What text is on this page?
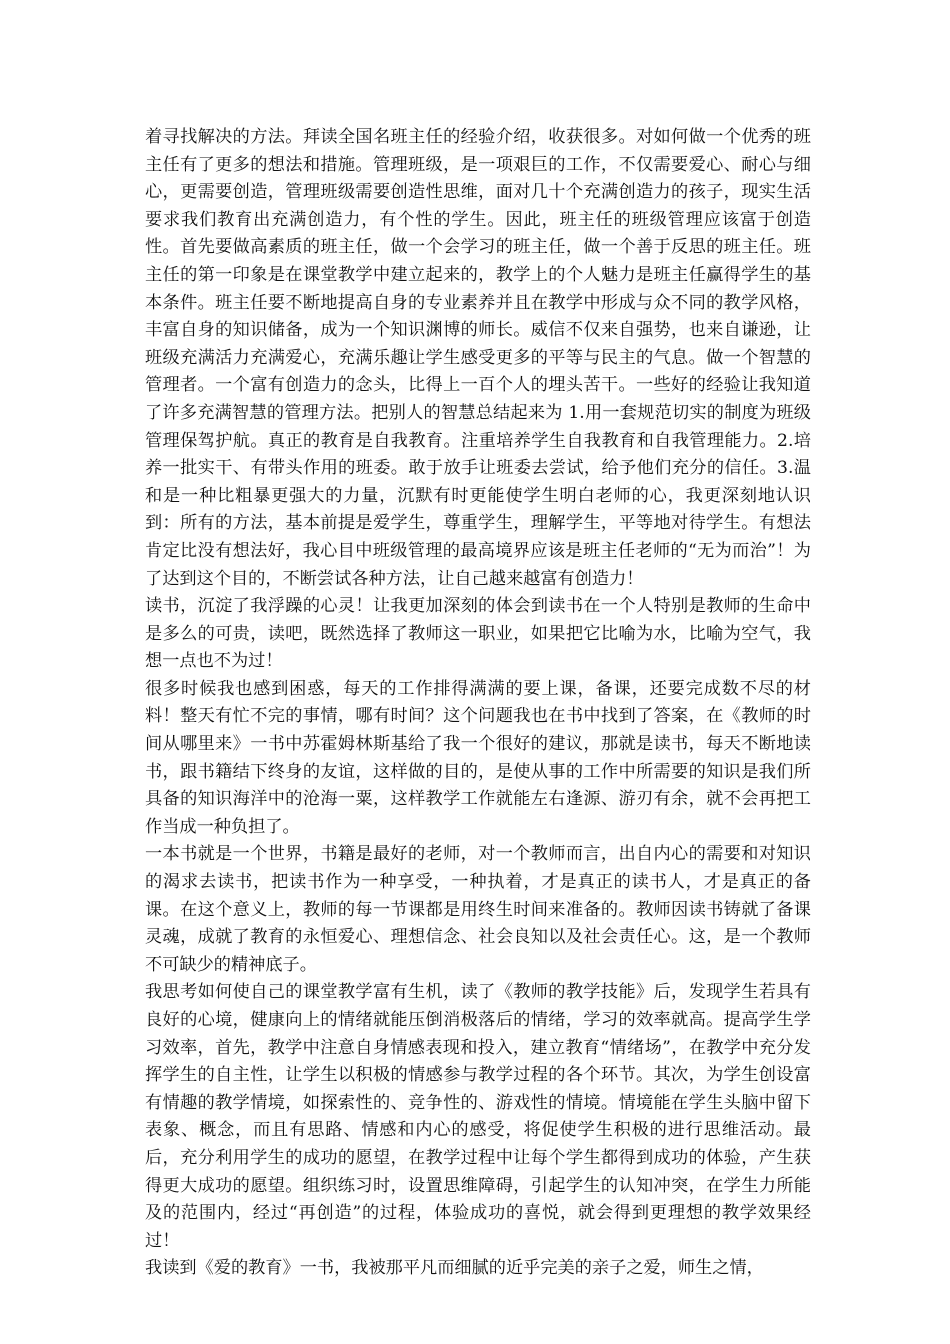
着寻找解决的方法。拜读全国名班主任的经验介绍，收获很多。对如何做一个优秀的班主任有了更多的想法和措施。管理班级，是一项艰巨的工作，不仅需要爱心、耐心与细心，更需要创造，管理班级需要创造性思维，面对几十个充满创造力的孩子，现实生活要求我们教育出充满创造力，有个性的学生。因此，班主任的班级管理应该富于创造性。首先要做高素质的班主任，做一个会学习的班主任，做一个善于反思的班主任。班主任的第一印象是在课堂教学中建立起来的，教学上的个人魅力是班主任赢得学生的基本条件。班主任要不断地提高自身的专业素养并且在教学中形成与众不同的教学风格，丰富自身的知识储备，成为一个知识渊博的师长。威信不仅来自强势，也来自谦逊，让班级充满活力充满爱心，充满乐趣让学生感受更多的平等与民主的气息。做一个智慧的管理者。一个富有创造力的念头，比得上一百个人的埋头苦干。一些好的经验让我知道了许多充满智慧的管理方法。把别人的智慧总结起来为 1.用一套规范切实的制度为班级管理保驾护航。真正的教育是自我教育。注重培养学生自我教育和自我管理能力。2.培养一批实干、有带头作用的班委。敢于放手让班委去尝试，给予他们充分的信任。3.温和是一种比粗暴更强大的力量，沉默有时更能使学生明白老师的心，我更深刻地认识到：所有的方法，基本前提是爱学生，尊重学生，理解学生，平等地对待学生。有想法肯定比没有想法好，我心目中班级管理的最高境界应该是班主任老师的“无为而治”！为了达到这个目的，不断尝试各种方法，让自己越来越富有创造力！

读书，沉淀了我浮躁的心灵！让我更加深刻的体会到读书在一个人特别是教师的生命中是多么的可贵，读吧，既然选择了教师这一职业，如果把它比喻为水，比喻为空气，我想一点也不为过！

很多时候我也感到困惑，每天的工作排得满满的要上课，备课，还要完成数不尽的材料！整天有忙不完的事情，哪有时间？这个问题我也在书中找到了答案，在《教师的时间从哪里来》一书中苏霍姆林斯基给了我一个很好的建议，那就是读书，每天不断地读书，跟书籍结下终身的友谊，这样做的目的，是使从事的工作中所需要的知识是我们所具备的知识海洋中的沧海一粟，这样教学工作就能左右逢源、游刃有余，就不会再把工作当成一种负担了。

一本书就是一个世界，书籍是最好的老师，对一个教师而言，出自内心的需要和对知识的渴求去读书，把读书作为一种享受，一种执着，才是真正的读书人，才是真正的备课。在这个意义上，教师的每一节课都是用终生时间来准备的。教师因读书铸就了备课灵魂，成就了教育的永恒爱心、理想信念、社会良知以及社会责任心。这，是一个教师不可缺少的精神底子。

我思考如何使自己的课堂教学富有生机，读了《教师的教学技能》后，发现学生若具有良好的心境，健康向上的情绪就能压倒消极落后的情绪，学习的效率就高。提高学生学习效率，首先，教学中注意自身情感表现和投入，建立教育“情绪场”，在教学中充分发挥学生的自主性，让学生以积极的情感参与教学过程的各个环节。其次，为学生创设富有情趣的教学情境，如探索性的、竞争性的、游戏性的情境。情境能在学生头脑中留下表象、概念，而且有思路、情感和内心的感受，将促使学生积极的进行思维活动。最后，充分利用学生的成功的愿望，在教学过程中让每个学生都得到成功的体验，产生获得更大成功的愿望。组织练习时，设置思维障碍，引起学生的认知冲突，在学生力所能及的范围内，经过“再创造”的过程，体验成功的喜悦，就会得到更理想的教学效果经过！

我读到《爱的教育》一书，我被那平凡而细腻的近乎完美的亲子之爱，师生之情，
